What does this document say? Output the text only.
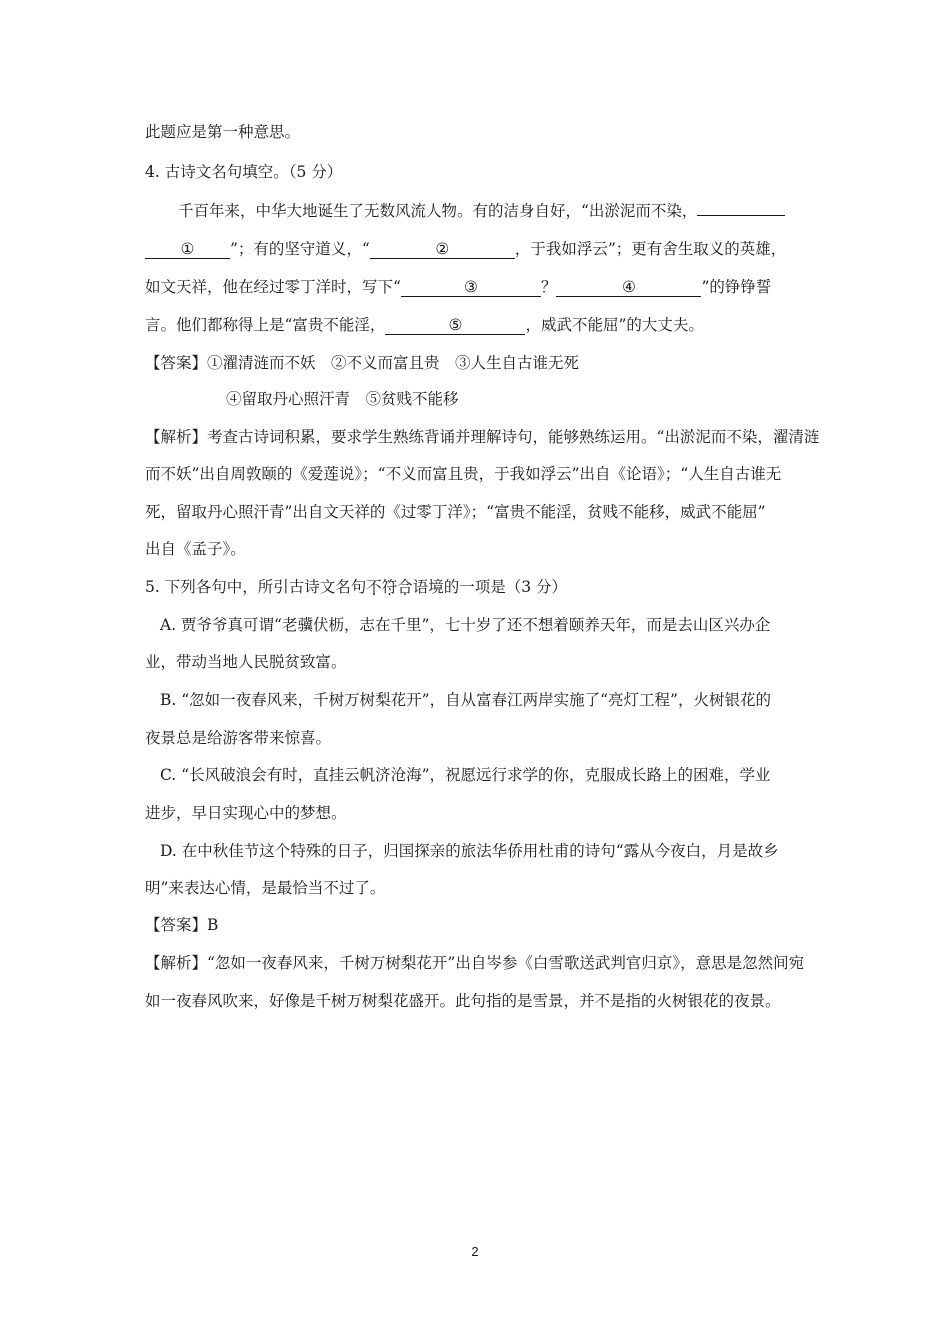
此题应是第一种意思。
4. 古诗文名句填空。（5 分）
千百年来，中华大地诞生了无数风流人物。有的洁身自好，“出淤泥而不染，
① ”；有的坚守道义，“	②	，于我如浮云”；更有舍生取义的英雄，
如文天祥，他在经过零丁洋时，写下“	③	？	④	”的铮铮誓
言。他们都称得上是“富贵不能淫，	⑤	，威武不能屈”的大丈夫。
【答案】①濯清涟而不妖　②不义而富且贵　③人生自古谁无死
④留取丹心照汗青　⑤贫贱不能移
【解析】考查古诗词积累，要求学生熟练背诵并理解诗句，能够熟练运用。“出淤泥而不染，濯清涟
而不妖”出自周敦颐的《爱莲说》；“不义而富且贵，于我如浮云”出自《论语》；“人生自古谁无
死，留取丹心照汗青”出自文天祥的《过零丁洋》；“富贵不能淫，贫贱不能移，威武不能屈”
出自《孟子》。
5. 下列各句中，所引古诗文名句不符合语境的一项是（3 分）
A. 贾爷爷真可谓“老骥伏枥，志在千里”，七十岁了还不想着颐养天年，而是去山区兴办企
业，带动当地人民脱贫致富。
B. “忽如一夜春风来，千树万树梨花开”，自从富春江两岸实施了“亮灯工程”，火树银花的
夜景总是给游客带来惊喜。
C. “长风破浪会有时，直挂云帆济沧海”，祝愿远行求学的你，克服成长路上的困难，学业
进步，早日实现心中的梦想。
D. 在中秋佳节这个特殊的日子，归国探亲的旅法华侨用杜甫的诗句“露从今夜白，月是故乡
明”来表达心情，是最恰当不过了。
【答案】B
【解析】“忽如一夜春风来，千树万树梨花开”出自岑参《白雪歌送武判官归京》，意思是忽然间宛
如一夜春风吹来，好像是千树万树梨花盛开。此句指的是雪景，并不是指的火树银花的夜景。
2
